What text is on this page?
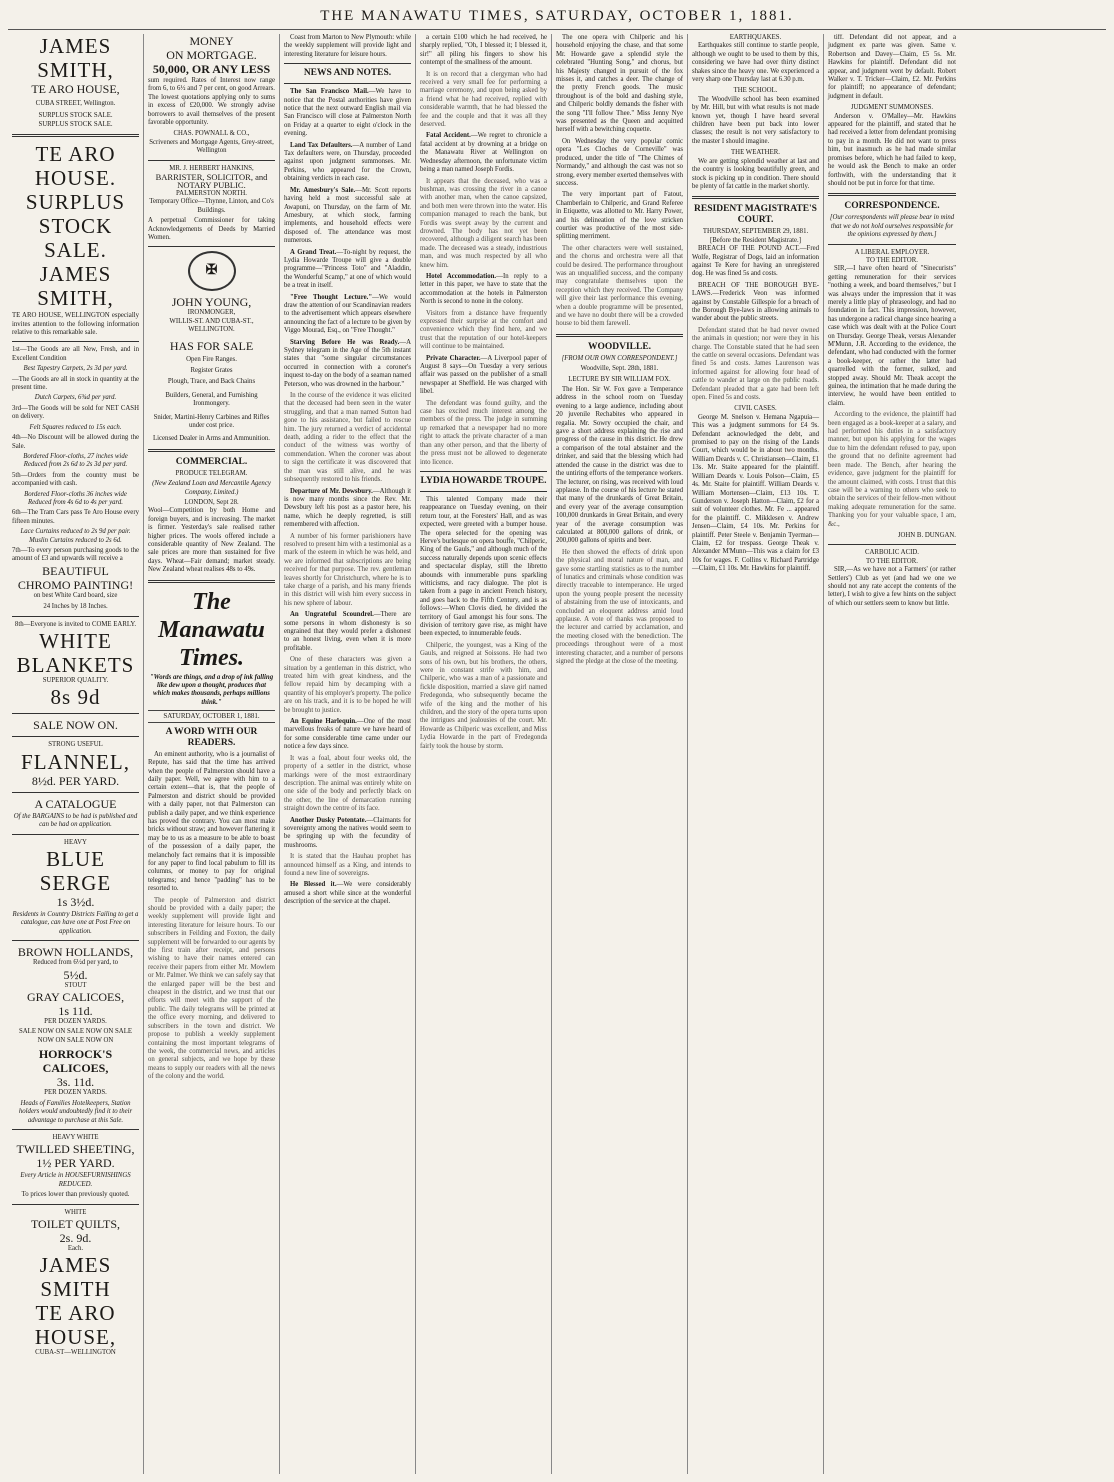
THE MANAWATU TIMES, SATURDAY, OCTOBER 1, 1881.
JAMES SMITH,
TE ARO HOUSE,
CUBA STREET, Wellington.
SURPLUS STOCK SALE.
SURPLUS STOCK SALE.
TE ARO HOUSE.
SURPLUS STOCK
SALE.
JAMES SMITH,
TE ARO HOUSE, WELLINGTON especially invites attention to the following information relative to this remarkable sale.
1st—The Goods are all New, Fresh, and in Excellent Condition
Best Tapestry Carpets, 2s 3d per yard.
—The Goods are all in stock in quantity at the present time.
Dutch Carpets, 6¾d per yard.
3rd—The Goods will be sold for NET CASH on delivery.
Felt Squares reduced to 15s each.
4th—No Discount will be allowed during the Sale.
Bordered Floor-cloths, 27 inches wide Reduced from 2s 6d to 2s 3d per yard.
5th—Orders from the country must be accompanied with cash.
Bordered Floor-cloths 36 inches wide Reduced from 4s 6d to 4s per yard.
6th—The Tram Cars pass Te Aro House every fifteen minutes.
Lace Curtains reduced to 2s 9d per pair. Muslin Curtains reduced to 2s 6d.
7th—To every person purchasing goods to the amount of £3 and upwards will receive a
BEAUTIFUL
CHROMO PAINTING!
on best White Card board, size
24 Inches by 18 Inches.
8th—Everyone is invited to COME EARLY.
WHITE BLANKETS
SUPERIOR QUALITY.
8s 9d
SALE NOW ON.
STRONG USEFUL
FLANNEL,
8½d. PER YARD.
A CATALOGUE
Of the BARGAINS to be had is published and can be had on application.
HEAVY
BLUE SERGE
1s 3½d.
Residents in Country Districts Failing to get a catalogue, can have one at Post Free on application.
BROWN HOLLANDS,
Reduced from 6½d per yard, to
5½d.
STOUT
GRAY CALICOES,
1s 11d.
PER DOZEN YARDS.
SALE NOW ON SALE NOW ON SALE NOW ON SALE NOW ON
HORROCK'S CALICOES,
3s. 11d.
PER DOZEN YARDS.
Heads of Families Hotelkeepers, Station holders would undoubtedly find it to their advantage to purchase at this Sale.
HEAVY WHITE
TWILLED SHEETING,
1½ PER YARD.
Every Article in HOUSEFURNISHINGS REDUCED.
To prices lower than previously quoted.
WHITE
TOILET QUILTS,
2s. 9d.
Each.
JAMES SMITH
TE ARO HOUSE,
CUBA-ST—WELLINGTON
MONEY
ON MORTGAGE.
50,000, OR ANY LESS
sum required. Rates of Interest now range from 6, to 6½ and 7 per cent, on good Arrears. The lowest quotations applying only to sums in excess of £20,000. We strongly advise borrowers to avail themselves of the present favorable opportunity.
CHAS. POWNALL & CO.,
Scriveners and Mortgage Agents, Grey-street, Wellington
MR. J. HERBERT HANKINS,
BARRISTER, SOLICITOR, and NOTARY PUBLIC.
PALMERSTON NORTH.
Temporary Office—Thynne, Linton, and Co's Buildings.
A perpetual Commissioner for taking Acknowledgements of Deeds by Married Women.
✠
JOHN YOUNG,
IRONMONGER,
WILLIS-ST. AND CUBA-ST.,
WELLINGTON.
HAS FOR SALE
Open Fire Ranges.
Register Grates
Plough, Trace, and Back Chains
Builders, General, and Furnishing Ironmongery.
Snider, Martini-Henry Carbines and Rifles under cost price.
Licensed Dealer in Arms and Ammunition.
COMMERCIAL.
PRODUCE TELEGRAM.
(New Zealand Loan and Mercantile Agency Company, Limited.)
LONDON, Sept 28.
Wool—Competition by both Home and foreign buyers, and is increasing. The market is firmer. Yesterday's sale realised rather higher prices. The wools offered include a considerable quantity of New Zealand. The sale prices are more than sustained for five days. Wheat—Fair demand; market steady. New Zealand wheat realises 48s to 49s.
The Manawatu Times.
"Words are things, and a drop of ink falling like dew upon a thought, produces that which makes thousands, perhaps millions think."
SATURDAY, OCTOBER 1, 1881.
A WORD WITH OUR READERS.

An eminent authority, who is a journalist of Repute, has said that the time has arrived when the people of Palmerston should have a daily paper. Well, we agree with him to a certain extent—that is, that the people of Palmerston and district should be provided with a daily paper, not that Palmerston can publish a daily paper, and we think experience has proved the contrary. You can most make bricks without straw; and however flattering it may be to us as a measure to be able to boast of the possession of a daily paper, the melancholy fact remains that it is impossible for any paper to find local pabulum to fill its columns, or money to pay for original telegrams; and hence "padding" has to be resorted to.

The people of Palmerston and district should be provided with a daily paper; the weekly supplement will provide light and interesting literature for leisure hours. To our subscribers in Feilding and Foxton, the daily supplement will be forwarded to our agents by the first train after receipt, and persons wishing to have their names entered can receive their papers from either Mr. Mowlem or Mr. Palmer. We think we can safely say that the enlarged paper will be the best and cheapest in the district, and we trust that our efforts will meet with the support of the public. The daily telegrams will be printed at the office every morning, and delivered to subscribers in the town and district. We propose to publish a weekly supplement containing the most important telegrams of the week, the commercial news, and articles on general subjects, and we hope by these means to supply our readers with all the news of the colony and the world.

Coast from Marton to New Plymouth: while the weekly supplement will provide light and interesting literature for leisure hours.

NEWS AND NOTES.

The San Francisco Mail.—We have to notice that the Postal authorities have given notice that the next outward English mail via San Francisco will close at Palmerston North on Friday at a quarter to eight o'clock in the evening.

Land Tax Defaulters.—A number of Land Tax defaulters were, on Thursday, proceeded against upon judgment summonses. Mr. Perkins, who appeared for the Crown, obtaining verdicts in each case.

Mr. Amesbury's Sale.—Mr. Scott reports having held a most successful sale at Awapuni, on Thursday, on the farm of Mr. Amesbury, at which stock, farming implements, and household effects were disposed of. The attendance was most numerous.

A Grand Treat.—To-night by request, the Lydia Howarde Troupe will give a double programme—"Princess Toto" and "Aladdin, the Wonderful Scamp," at one of which would be a treat in itself.

"Free Thought Lecture."—We would draw the attention of our Scandinavian readers to the advertisement which appears elsewhere announcing the fact of a lecture to be given by Viggo Mourad, Esq., on "Free Thought."

Starving Before He was Ready.—A Sydney telegram in the Age of the 5th instant states that "some singular circumstances occurred in connection with a coroner's inquest to-day on the body of a seaman named Peterson, who was drowned in the harbour."

In the course of the evidence it was elicited that the deceased had been seen in the water struggling, and that a man named Sutton had gone to his assistance, but failed to rescue him. The jury returned a verdict of accidental death, adding a rider to the effect that the conduct of the witness was worthy of commendation. When the coroner was about to sign the certificate it was discovered that the man was still alive, and he was subsequently restored to his friends.

Departure of Mr. Dewsbury.—Although it is now many months since the Rev. Mr. Dewsbury left his post as a pastor here, his name, which he deeply regretted, is still remembered with affection.

A number of his former parishioners have resolved to present him with a testimonial as a mark of the esteem in which he was held, and we are informed that subscriptions are being received for that purpose. The rev. gentleman leaves shortly for Christchurch, where he is to take charge of a parish, and his many friends in this district will wish him every success in his new sphere of labour.

An Ungrateful Scoundrel.—There are some persons in whom dishonesty is so engrained that they would prefer a dishonest to an honest living, even when it is more profitable.

One of these characters was given a situation by a gentleman in this district, who treated him with great kindness, and the fellow repaid him by decamping with a quantity of his employer's property. The police are on his track, and it is to be hoped he will be brought to justice.

An Equine Harlequin.—One of the most marvellous freaks of nature we have heard of for some considerable time came under our notice a few days since.

It was a foal, about four weeks old, the property of a settler in the district, whose markings were of the most extraordinary description. The animal was entirely white on one side of the body and perfectly black on the other, the line of demarcation running straight down the centre of its face.

Another Dusky Potentate.—Claimants for sovereignty among the natives would seem to be springing up with the fecundity of mushrooms.

It is stated that the Hauhau prophet has announced himself as a King, and intends to found a new line of sovereigns.

He Blessed it.—We were considerably amused a short while since at the wonderful description of the service at the chapel.

a certain £100 which he had received, he sharply replied, "Oh, I blessed it; I blessed it, sir!" all piling his fingers to show his contempt of the smallness of the amount.

It is on record that a clergyman who had received a very small fee for performing a marriage ceremony, and upon being asked by a friend what he had received, replied with considerable warmth, that he had blessed the fee and the couple and that it was all they deserved.

Fatal Accident.—We regret to chronicle a fatal accident at by drowning at a bridge on the Manawatu River at Wellington on Wednesday afternoon, the unfortunate victim being a man named Joseph Fordis.

It appears that the deceased, who was a bushman, was crossing the river in a canoe with another man, when the canoe capsized, and both men were thrown into the water. His companion managed to reach the bank, but Fordis was swept away by the current and drowned. The body has not yet been recovered, although a diligent search has been made. The deceased was a steady, industrious man, and was much respected by all who knew him.

Hotel Accommodation.—In reply to a letter in this paper, we have to state that the accommodation at the hotels in Palmerston North is second to none in the colony.

Visitors from a distance have frequently expressed their surprise at the comfort and convenience which they find here, and we trust that the reputation of our hotel-keepers will continue to be maintained.

Private Character.—A Liverpool paper of August 8 says—On Tuesday a very serious affair was passed on the publisher of a small newspaper at Sheffield. He was charged with libel.

The defendant was found guilty, and the case has excited much interest among the members of the press. The judge in summing up remarked that a newspaper had no more right to attack the private character of a man than any other person, and that the liberty of the press must not be allowed to degenerate into licence.

LYDIA HOWARDE TROUPE.

This talented Company made their reappearance on Tuesday evening, on their return tour, at the Foresters' Hall, and as was expected, were greeted with a bumper house. The opera selected for the opening was Herve's burlesque on opera bouffe, "Chilperic, King of the Gauls," and although much of the success naturally depends upon scenic effects and spectacular display, still the libretto abounds with innumerable puns sparkling witticisms, and racy dialogue. The plot is taken from a page in ancient French history, and goes back to the Fifth Century, and is as follows:—When Clovis died, he divided the territory of Gaul amongst his four sons. The division of territory gave rise, as might have been expected, to innumerable feuds.

Chilperic, the youngest, was a King of the Gauls, and reigned at Soissons. He had two sons of his own, but his brothers, the others, were in constant strife with him, and Chilperic, who was a man of a passionate and fickle disposition, married a slave girl named Fredegonda, who subsequently became the wife of the king and the mother of his children, and the story of the opera turns upon the intrigues and jealousies of the court. Mr. Howarde as Chilperic was excellent, and Miss Lydia Howarde in the part of Fredegonda fairly took the house by storm.

The one opera with Chilperic and his household enjoying the chase, and that some Mr. Howarde gave a splendid style the celebrated "Hunting Song," and chorus, but his Majesty changed in pursuit of the fox misses it, and catches a deer. The change of the pretty French goods. The music throughout is of the bold and dashing style, and Chilperic boldly demands the fisher with the song "I'll follow Thee." Miss Jenny Nye was presented as the Queen and acquitted herself with a bewitching coquette.

On Wednesday the very popular comic opera "Les Cloches de Corneville" was produced, under the title of "The Chimes of Normandy," and although the cast was not so strong, every member exerted themselves with success.

The very important part of Fatout, Chamberlain to Chilperic, and Grand Referee in Etiquette, was allotted to Mr. Harry Power, and his delineation of the love stricken courtier was productive of the most side-splitting merriment.

The other characters were well sustained, and the chorus and orchestra were all that could be desired. The performance throughout was an unqualified success, and the company may congratulate themselves upon the reception which they received. The Company will give their last performance this evening, when a double programme will be presented, and we have no doubt there will be a crowded house to bid them farewell.

WOODVILLE.
[FROM OUR OWN CORRESPONDENT.]
Woodville, Sept. 28th, 1881.
LECTURE BY SIR WILLIAM FOX.

The Hon. Sir W. Fox gave a Temperance address in the school room on Tuesday evening to a large audience, including about 20 juvenile Rechabites who appeared in regalia. Mr. Sowry occupied the chair, and gave a short address explaining the rise and progress of the cause in this district. He drew a comparison of the total abstainer and the drinker, and said that the blessing which had attended the cause in the district was due to the untiring efforts of the temperance workers. The lecturer, on rising, was received with loud applause. In the course of his lecture he stated that many of the drunkards of Great Britain, and every year of the average consumption 100,000 drunkards in Great Britain, and every year of the average consumption was calculated at 800,000 gallons of drink, or 200,000 gallons of spirits and beer.

He then showed the effects of drink upon the physical and moral nature of man, and gave some startling statistics as to the number of lunatics and criminals whose condition was directly traceable to intemperance. He urged upon the young people present the necessity of abstaining from the use of intoxicants, and concluded an eloquent address amid loud applause. A vote of thanks was proposed to the lecturer and carried by acclamation, and the meeting closed with the benediction. The proceedings throughout were of a most interesting character, and a number of persons signed the pledge at the close of the meeting.

EARTHQUAKES.

Earthquakes still continue to startle people, although we ought to be used to them by this, considering we have had over thirty distinct shakes since the heavy one. We experienced a very sharp one Thursday last at 6.30 p.m.

THE SCHOOL.

The Woodville school has been examined by Mr. Hill, but with what results is not made known yet, though I have heard several children have been put back into lower classes; the result is not very satisfactory to the master I should imagine.

THE WEATHER.

We are getting splendid weather at last and the country is looking beautifully green, and stock is picking up in condition. There should be plenty of fat cattle in the market shortly.

RESIDENT MAGISTRATE'S COURT.
THURSDAY, SEPTEMBER 29, 1881.
[Before the Resident Magistrate.]

BREACH OF THE POUND ACT.—Fred Wolfe, Registrar of Dogs, laid an information against Te Kere for having an unregistered dog. He was fined 5s and costs.

BREACH OF THE BOROUGH BYE-LAWS.—Frederick Veon was informed against by Constable Gillespie for a breach of the Borough Bye-laws in allowing animals to wander about the public streets.

Defendant stated that he had never owned the animals in question; nor were they in his charge. The Constable stated that he had seen the cattle on several occasions. Defendant was fined 5s and costs. James Laurenson was informed against for allowing four head of cattle to wander at large on the public roads. Defendant pleaded that a gate had been left open. Fined 5s and costs.

CIVIL CASES.

George M. Snelson v. Hemana Ngapuia—This was a judgment summons for £4 9s. Defendant acknowledged the debt, and promised to pay on the rising of the Lands Court, which would be in about two months. William Deards v. C. Christiansen—Claim, £1 13s. Mr. Staite appeared for the plaintiff. William Deards v. Louis Polson—Claim, £5 4s. Mr. Staite for plaintiff. William Deards v. William Mortensen—Claim, £13 10s. T. Gunderson v. Joseph Hatton—Claim, £2 for a suit of volunteer clothes. Mr. Fe ... appeared for the plaintiff. C. Mikklesen v. Andrew Jensen—Claim, £4 10s. Mr. Perkins for plaintiff. Peter Steele v. Benjamin Tyerman—Claim, £2 for trespass. George Theak v. Alexander M'Munn—This was a claim for £3 10s for wages. F. Collins v. Richard Partridge—Claim, £1 10s. Mr. Hawkins for plaintiff.

tiff. Defendant did not appear, and a judgment ex parte was given. Same v. Robertson and Davey—Claim, £5 5s. Mr. Hawkins for plaintiff. Defendant did not appear, and judgment went by default. Robert Walker v. T. Tricker—Claim, £2. Mr. Perkins for plaintiff; no appearance of defendant; judgment in default.

JUDGMENT SUMMONSES.

Anderson v. O'Malley—Mr. Hawkins appeared for the plaintiff, and stated that he had received a letter from defendant promising to pay in a month. He did not want to press him, but inasmuch as he had made similar promises before, which he had failed to keep, he would ask the Bench to make an order forthwith, with the understanding that it should not be put in force for that time.

CORRESPONDENCE.
[Our correspondents will please bear in mind that we do not hold ourselves responsible for the opinions expressed by them.]
A LIBERAL EMPLOYER.
TO THE EDITOR.

SIR,—I have often heard of "Sinecurists" getting remuneration for their services "nothing a week, and board themselves," but I was always under the impression that it was merely a little play of phraseology, and had no foundation in fact. This impression, however, has undergone a radical change since hearing a case which was dealt with at the Police Court on Thursday. George Theak, versus Alexander M'Munn, J.R. According to the evidence, the defendant, who had conducted with the former a book-keeper, or rather the latter had quarrelled with the former, sulked, and stopped away. Should Mr. Theak accept the guinea, the intimation that he made during the interview, he would have been entitled to claim.

According to the evidence, the plaintiff had been engaged as a book-keeper at a salary, and had performed his duties in a satisfactory manner, but upon his applying for the wages due to him the defendant refused to pay, upon the ground that no definite agreement had been made. The Bench, after hearing the evidence, gave judgment for the plaintiff for the amount claimed, with costs. I trust that this case will be a warning to others who seek to obtain the services of their fellow-men without making adequate remuneration for the same. Thanking you for your valuable space, I am, &c.,

JOHN B. DUNGAN.
CARBOLIC ACID.
TO THE EDITOR.

SIR,—As we have not a Farmers' (or rather Settlers') Club as yet (and had we one we should not any rate accept the contents of the letter), I wish to give a few hints on the subject of which our settlers seem to know but little.
